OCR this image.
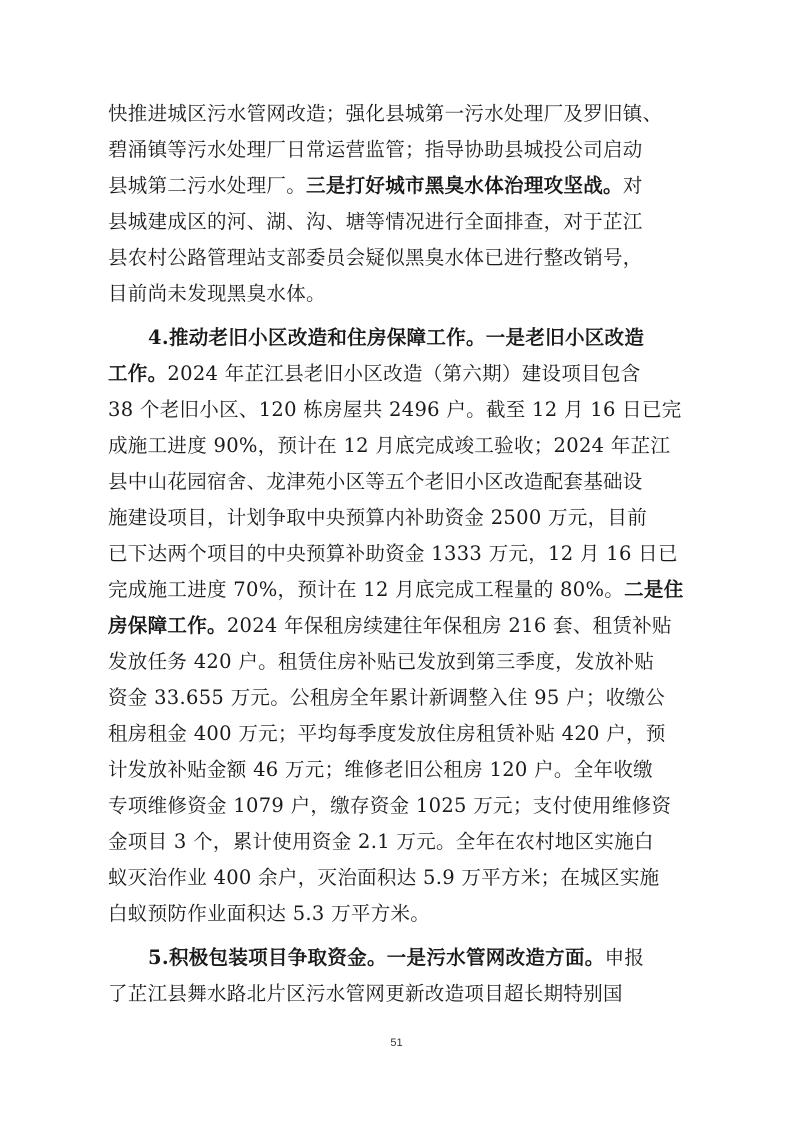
快推进城区污水管网改造；强化县城第一污水处理厂及罗旧镇、
碧涌镇等污水处理厂日常运营监管；指导协助县城投公司启动
县城第二污水处理厂。三是打好城市黑臭水体治理攻坚战。对
县城建成区的河、湖、沟、塘等情况进行全面排查，对于芷江
县农村公路管理站支部委员会疑似黑臭水体已进行整改销号，
目前尚未发现黑臭水体。
4.推动老旧小区改造和住房保障工作。一是老旧小区改造
工作。2024 年芷江县老旧小区改造（第六期）建设项目包含
38 个老旧小区、120 栋房屋共 2496 户。截至 12 月 16 日已完
成施工进度 90%，预计在 12 月底完成竣工验收；2024 年芷江
县中山花园宿舍、龙津苑小区等五个老旧小区改造配套基础设
施建设项目，计划争取中央预算内补助资金 2500 万元，目前
已下达两个项目的中央预算补助资金 1333 万元，12 月 16 日已
完成施工进度 70%，预计在 12 月底完成工程量的 80%。二是住
房保障工作。2024 年保租房续建往年保租房 216 套、租赁补贴
发放任务 420 户。租赁住房补贴已发放到第三季度，发放补贴
资金 33.655 万元。公租房全年累计新调整入住 95 户；收缴公
租房租金 400 万元；平均每季度发放住房租赁补贴 420 户，预
计发放补贴金额 46 万元；维修老旧公租房 120 户。全年收缴
专项维修资金 1079 户，缴存资金 1025 万元；支付使用维修资
金项目 3 个，累计使用资金 2.1 万元。全年在农村地区实施白
蚁灭治作业 400 余户，灭治面积达 5.9 万平方米；在城区实施
白蚁预防作业面积达 5.3 万平方米。
5.积极包装项目争取资金。一是污水管网改造方面。申报
了芷江县舞水路北片区污水管网更新改造项目超长期特别国
51
